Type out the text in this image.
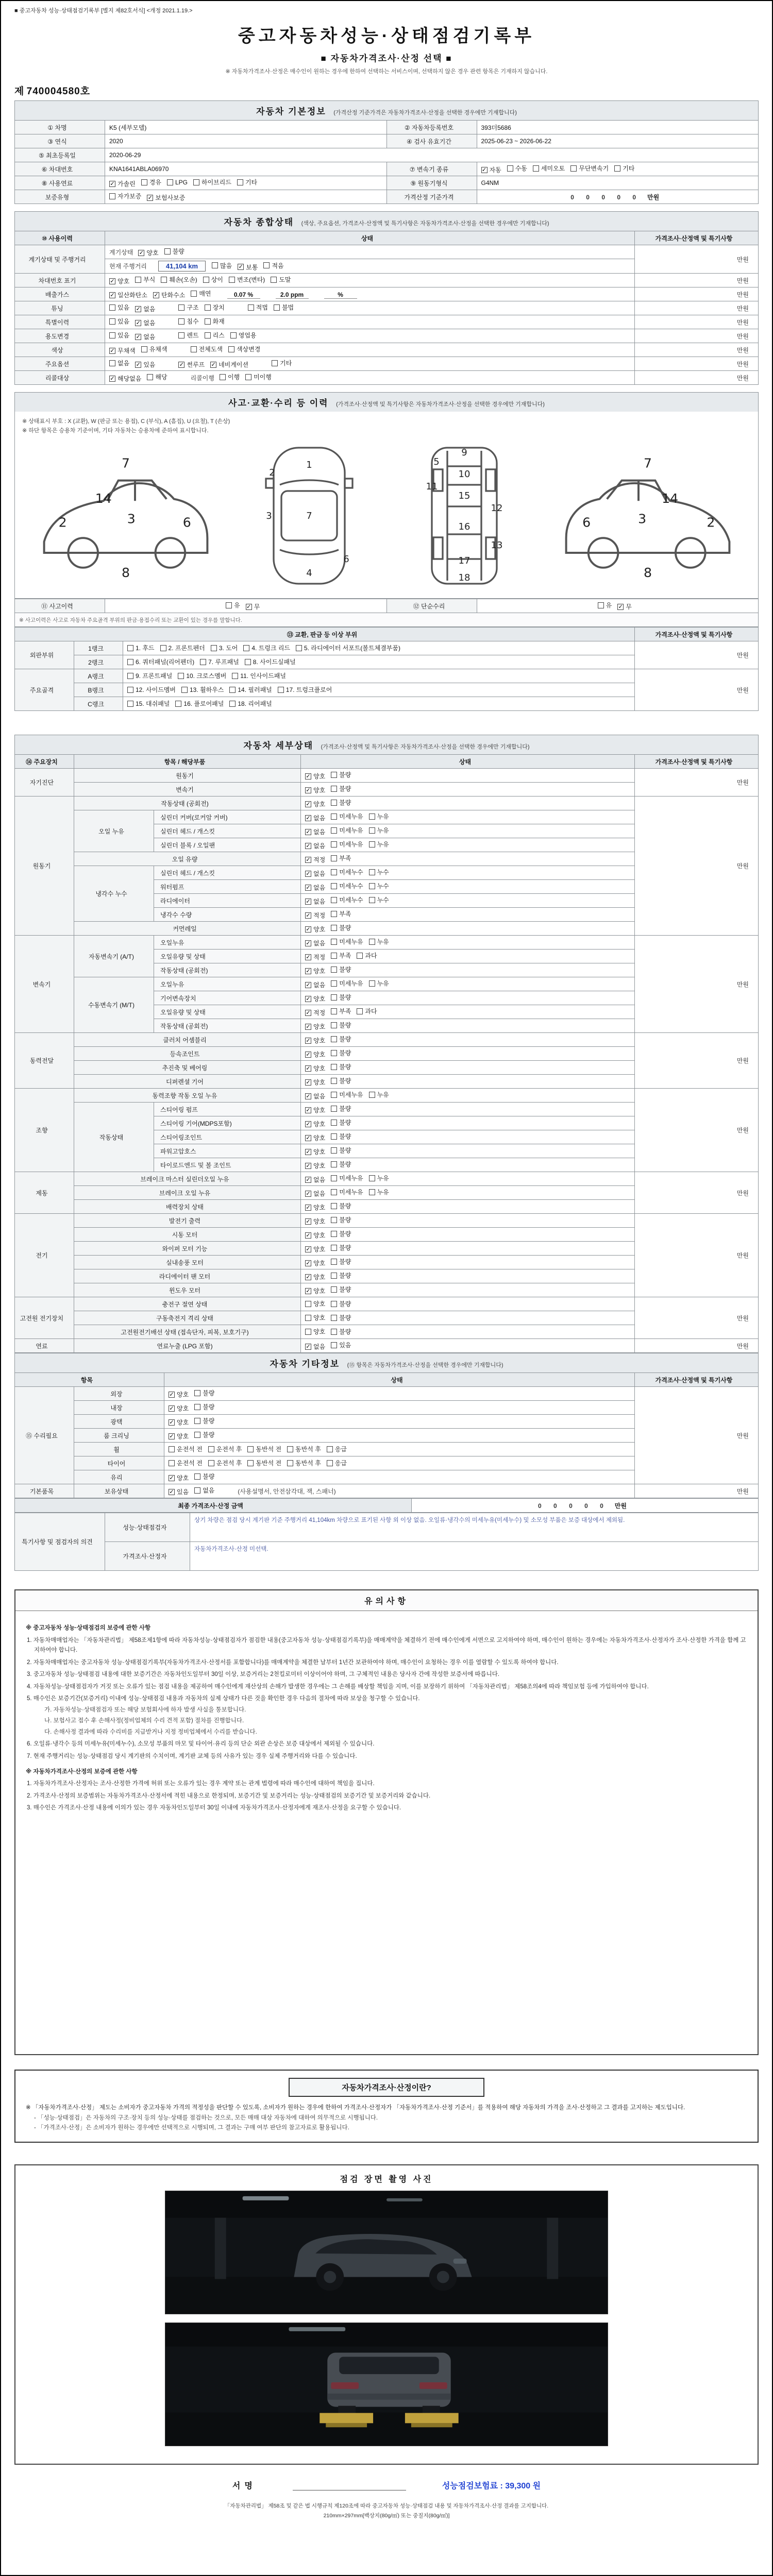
■ 중고자동차 성능·상태점검기록부 [별지 제82호서식] <개정 2021.1.19.>
중고자동차성능·상태점검기록부
■ 자동차가격조사·산정 선택 ■
※ 자동차가격조사·산정은 매수인이 원하는 경우에 한하여 선택하는 서비스이며, 선택하지 않은 경우 관련 항목은 기재하지 않습니다.
제 740004580호
자동차 기본정보 (가격산정 기준가격은 자동차가격조사·산정을 선택한 경우에만 기재합니다)
① 차명	K5 (세부모델)	② 자동차등록번호	393더5686
③ 연식	2020	④ 검사 유효기간	2025-06-23 ~ 2026-06-22
⑤ 최초등록일	2020-06-29		
⑥ 차대번호	KNA1641ABLA06970	⑦ 변속기 종류	✓ 자동 수동 세미오토 무단변속기 기타

⑧ 사용연료	✓ 가솔린 경유 LPG 하이브리드 기타	⑨ 원동기형식	G4NM
보증유형	자가보증 ✓ 보험사보증	가격산정 기준가격	0 0 0 0 0 만원
자동차 종합상태 (색상, 주요옵션, 가격조사·산정액 및 특기사항은 자동차가격조사·산정을 선택한 경우에만 기재합니다)
⑩ 사용이력	상태	가격조사·산정액 및 특기사항
계기상태 및 주행거리	계기상태 ✓ 양호 불량	만원
	현재 주행거리 41,104 km 많음 ✓ 보통 적음	

차대번호 표기	✓ 양호 부식 훼손(오손) 상이 변조(변타) 도말	만원
배출가스	✓ 일산화탄소 ✓ 탄화수소 매연	0.07 %	2.0 ppm	%	만원
튜닝	있음 ✓ 없음	구조 장치	적법 불법	만원
특별이력	있음 ✓ 없음 침수 화재	만원
용도변경	있음 ✓ 없음	렌트 리스 영업용	만원
색상	✓ 무채색 유채색 전체도색 색상변경	만원
주요옵션	없음 ✓ 있음	✓ 썬루프 ✓ 네비게이션	기타	만원
리콜대상	✓ 해당없음 해당	리콜이행 이행 미이행	만원
사고·교환·수리 등 이력 (가격조사·산정액 및 특기사항은 자동차가격조사·산정을 선택한 경우에만 기재합니다)
※ 상태표시 부호 : X (교환), W (판금 또는 용접), C (부식), A (흠집), U (요철), T (손상)
※ 하단 항목은 승용차 기준이며, 기타 자동차는 승용차에 준하여 표시합니다.
7
14
3
2	6
8
1
2
7
3
6
4
9
5
10
11
15
12
16
13
17
18
7
14
3	2
6
8
⑪ 사고이력	유 ✓ 무	⑫ 단순수리	유 ✓ 무

※ 사고이력은 사고로 자동차 주요골격 부위의 판금·용접수리 또는 교환이 있는 경우를 말합니다.
⑬ 교환, 판금 등 이상 부위			가격조사·산정액 및 특기사항
외판부위	1랭크	1. 후드 2. 프론트펜더 3. 도어 4. 트렁크 리드 5. 라디에이터 서포트(볼트체결부품)	만원
	2랭크	6. 쿼터패널(리어펜더) 7. 루프패널 8. 사이드실패널	

주요골격	A랭크	9. 프론트패널 10. 크로스멤버 11. 인사이드패널	만원
	B랭크	12. 사이드멤버 13. 휠하우스 14. 필러패널 17. 트렁크플로어	

	C랭크	15. 대쉬패널 16. 플로어패널 18. 리어패널	
자동차 세부상태 (가격조사·산정액 및 특기사항은 자동차가격조사·산정을 선택한 경우에만 기재합니다)
⑭ 주요장치	항목 / 해당부품		상태	가격조사·산정액 및 특기사항
자기진단	원동기		✓ 양호 불량	만원
	변속기		✓ 양호 불량	

원동기	작동상태 (공회전)		✓ 양호 불량	만원
	오일 누유	실린더 커버(로커암 커버)	✓ 없음 미세누유 누유	

		실린더 헤드 / 개스킷	✓ 없음 미세누유 누유	

		실린더 블록 / 오일팬	✓ 없음 미세누유 누유	

	오일 유량		✓ 적정 부족	

	냉각수 누수	실린더 헤드 / 개스킷	✓ 없음 미세누수 누수	

		워터펌프	✓ 없음 미세누수 누수	

		라디에이터	✓ 없음 미세누수 누수	

		냉각수 수량	✓ 적정 부족	

	커먼레일		✓ 양호 불량	

변속기	자동변속기 (A/T)	오일누유	✓ 없음 미세누유 누유	만원
		오일유량 및 상태	✓ 적정 부족 과다	

		작동상태 (공회전)	✓ 양호 불량	

	수동변속기 (M/T)	오일누유	✓ 없음 미세누유 누유	

		기어변속장치	✓ 양호 불량	

		오일유량 및 상태	✓ 적정 부족 과다	

		작동상태 (공회전)	✓ 양호 불량	

동력전달	클러치 어셈블리		✓ 양호 불량	만원
	등속조인트		✓ 양호 불량	

	추진축 및 베어링		✓ 양호 불량	

	디퍼렌셜 기어		✓ 양호 불량	

조향	동력조향 작동 오일 누유		✓ 없음 미세누유 누유	만원
	작동상태	스티어링 펌프	✓ 양호 불량	

		스티어링 기어(MDPS포함)	✓ 양호 불량	

		스티어링조인트	✓ 양호 불량	

		파워고압호스	✓ 양호 불량	

		타이로드엔드 및 볼 조인트	✓ 양호 불량	

제동	브레이크 마스터 실린더오일 누유		✓ 없음 미세누유 누유	만원
	브레이크 오일 누유		✓ 없음 미세누유 누유	

	배력장치 상태		✓ 양호 불량	

전기	발전기 출력		✓ 양호 불량	만원
	시동 모터		✓ 양호 불량	

	와이퍼 모터 기능		✓ 양호 불량	

	실내송풍 모터		✓ 양호 불량	

	라디에이터 팬 모터		✓ 양호 불량	

	윈도우 모터		✓ 양호 불량	

고전원 전기장치	충전구 절연 상태		양호 불량	만원
	구동축전지 격리 상태		양호 불량	

	고전원전기배선 상태 (접속단자, 피복, 보호기구)		양호 불량	

연료	연료누출 (LPG 포함)		✓ 없음 있음	만원
자동차 기타정보 (⑮ 항목은 자동차가격조사·산정을 선택한 경우에만 기재합니다)
항목		상태	가격조사·산정액 및 특기사항
⑮ 수리필요	외장	✓ 양호 불량	만원
	내장	✓ 양호 불량	

	광택	✓ 양호 불량	

	룸 크리닝	✓ 양호 불량	

	휠	운전석 전 운전석 후 동반석 전 동반석 후 응급	

	타이어	운전석 전 운전석 후 동반석 전 동반석 후 응급	

	유리	✓ 양호 불량	

기본품목	보유상태	✓ 있음 없음 (사용설명서, 안전삼각대, 잭, 스패너)	만원
최종 가격조사·산정 금액	0 0 0 0 0 만원
특기사항 및 점검자의 의견	성능·상태점검자	상기 차량은 점검 당시 계기판 기준 주행거리 41,104km 차량으로 표기된 사항 외 이상 없음. 오일류·냉각수의 미세누유(미세누수) 및 소모성 부품은 보증 대상에서 제외됨.
	가격조사·산정자	자동차가격조사·산정 미선택.
유의사항
※ 중고자동차 성능·상태점검의 보증에 관한 사항
1. 자동차매매업자는 「자동차관리법」 제58조제1항에 따라 자동차성능·상태점검자가 점검한 내용(중고자동차 성능·상태점검기록부)을 매매계약을 체결하기 전에 매수인에게 서면으로 고지하여야 하며, 매수인이 원하는 경우에는 자동차가격조사·산정자가 조사·산정한 가격을 함께 고지하여야 합니다.
2. 자동차매매업자는 중고자동차 성능·상태점검기록부(자동차가격조사·산정서를 포함합니다)를 매매계약을 체결한 날부터 1년간 보관하여야 하며, 매수인이 요청하는 경우 이를 열람할 수 있도록 하여야 합니다.
3. 중고자동차 성능·상태점검 내용에 대한 보증기간은 자동차인도일부터 30일 이상, 보증거리는 2천킬로미터 이상이어야 하며, 그 구체적인 내용은 당사자 간에 작성한 보증서에 따릅니다.
4. 자동차성능·상태점검자가 거짓 또는 오류가 있는 점검 내용을 제공하여 매수인에게 재산상의 손해가 발생한 경우에는 그 손해를 배상할 책임을 지며, 이를 보장하기 위하여 「자동차관리법」 제58조의4에 따라 책임보험 등에 가입하여야 합니다.
5. 매수인은 보증기간(보증거리) 이내에 성능·상태점검 내용과 자동차의 실제 상태가 다른 것을 확인한 경우 다음의 절차에 따라 보상을 청구할 수 있습니다.
가. 자동차성능·상태점검자 또는 해당 보험회사에 하자 발생 사실을 통보합니다.
나. 보험사고 접수 후 손해사정(정비업체의 수리 견적 포함) 절차를 진행합니다.
다. 손해사정 결과에 따라 수리비를 지급받거나 지정 정비업체에서 수리를 받습니다.
6. 오일류·냉각수 등의 미세누유(미세누수), 소모성 부품의 마모 및 타이어·유리 등의 단순 외관 손상은 보증 대상에서 제외될 수 있습니다.
7. 현재 주행거리는 성능·상태점검 당시 계기판의 수치이며, 계기판 교체 등의 사유가 있는 경우 실제 주행거리와 다를 수 있습니다.
※ 자동차가격조사·산정의 보증에 관한 사항
1. 자동차가격조사·산정자는 조사·산정한 가격에 허위 또는 오류가 있는 경우 계약 또는 관계 법령에 따라 매수인에 대하여 책임을 집니다.
2. 가격조사·산정의 보증범위는 자동차가격조사·산정서에 적힌 내용으로 한정되며, 보증기간 및 보증거리는 성능·상태점검의 보증기간 및 보증거리와 같습니다.
3. 매수인은 가격조사·산정 내용에 이의가 있는 경우 자동차인도일부터 30일 이내에 자동차가격조사·산정자에게 재조사·산정을 요구할 수 있습니다.
자동차가격조사·산정이란?
※ 「자동차가격조사·산정」 제도는 소비자가 중고자동차 가격의 적정성을 판단할 수 있도록, 소비자가 원하는 경우에 한하여 가격조사·산정자가 「자동차가격조사·산정 기준서」를 적용하여 해당 자동차의 가격을 조사·산정하고 그 결과를 고지하는 제도입니다.
- 「성능·상태점검」은 자동차의 구조·장치 등의 성능·상태를 점검하는 것으로, 모든 매매 대상 자동차에 대하여 의무적으로 시행됩니다.
- 「가격조사·산정」은 소비자가 원하는 경우에만 선택적으로 시행되며, 그 결과는 구매 여부 판단의 참고자료로 활용됩니다.
점검 장면 촬영 사진
서명	성능점검보험료 : 39,300 원
「자동차관리법」 제58조 및 같은 법 시행규칙 제120조에 따라 중고자동차 성능·상태점검 내용 및 자동차가격조사·산정 결과를 고지합니다.
210mm×297mm[백상지(80g/㎡) 또는 중질지(80g/㎡)]
